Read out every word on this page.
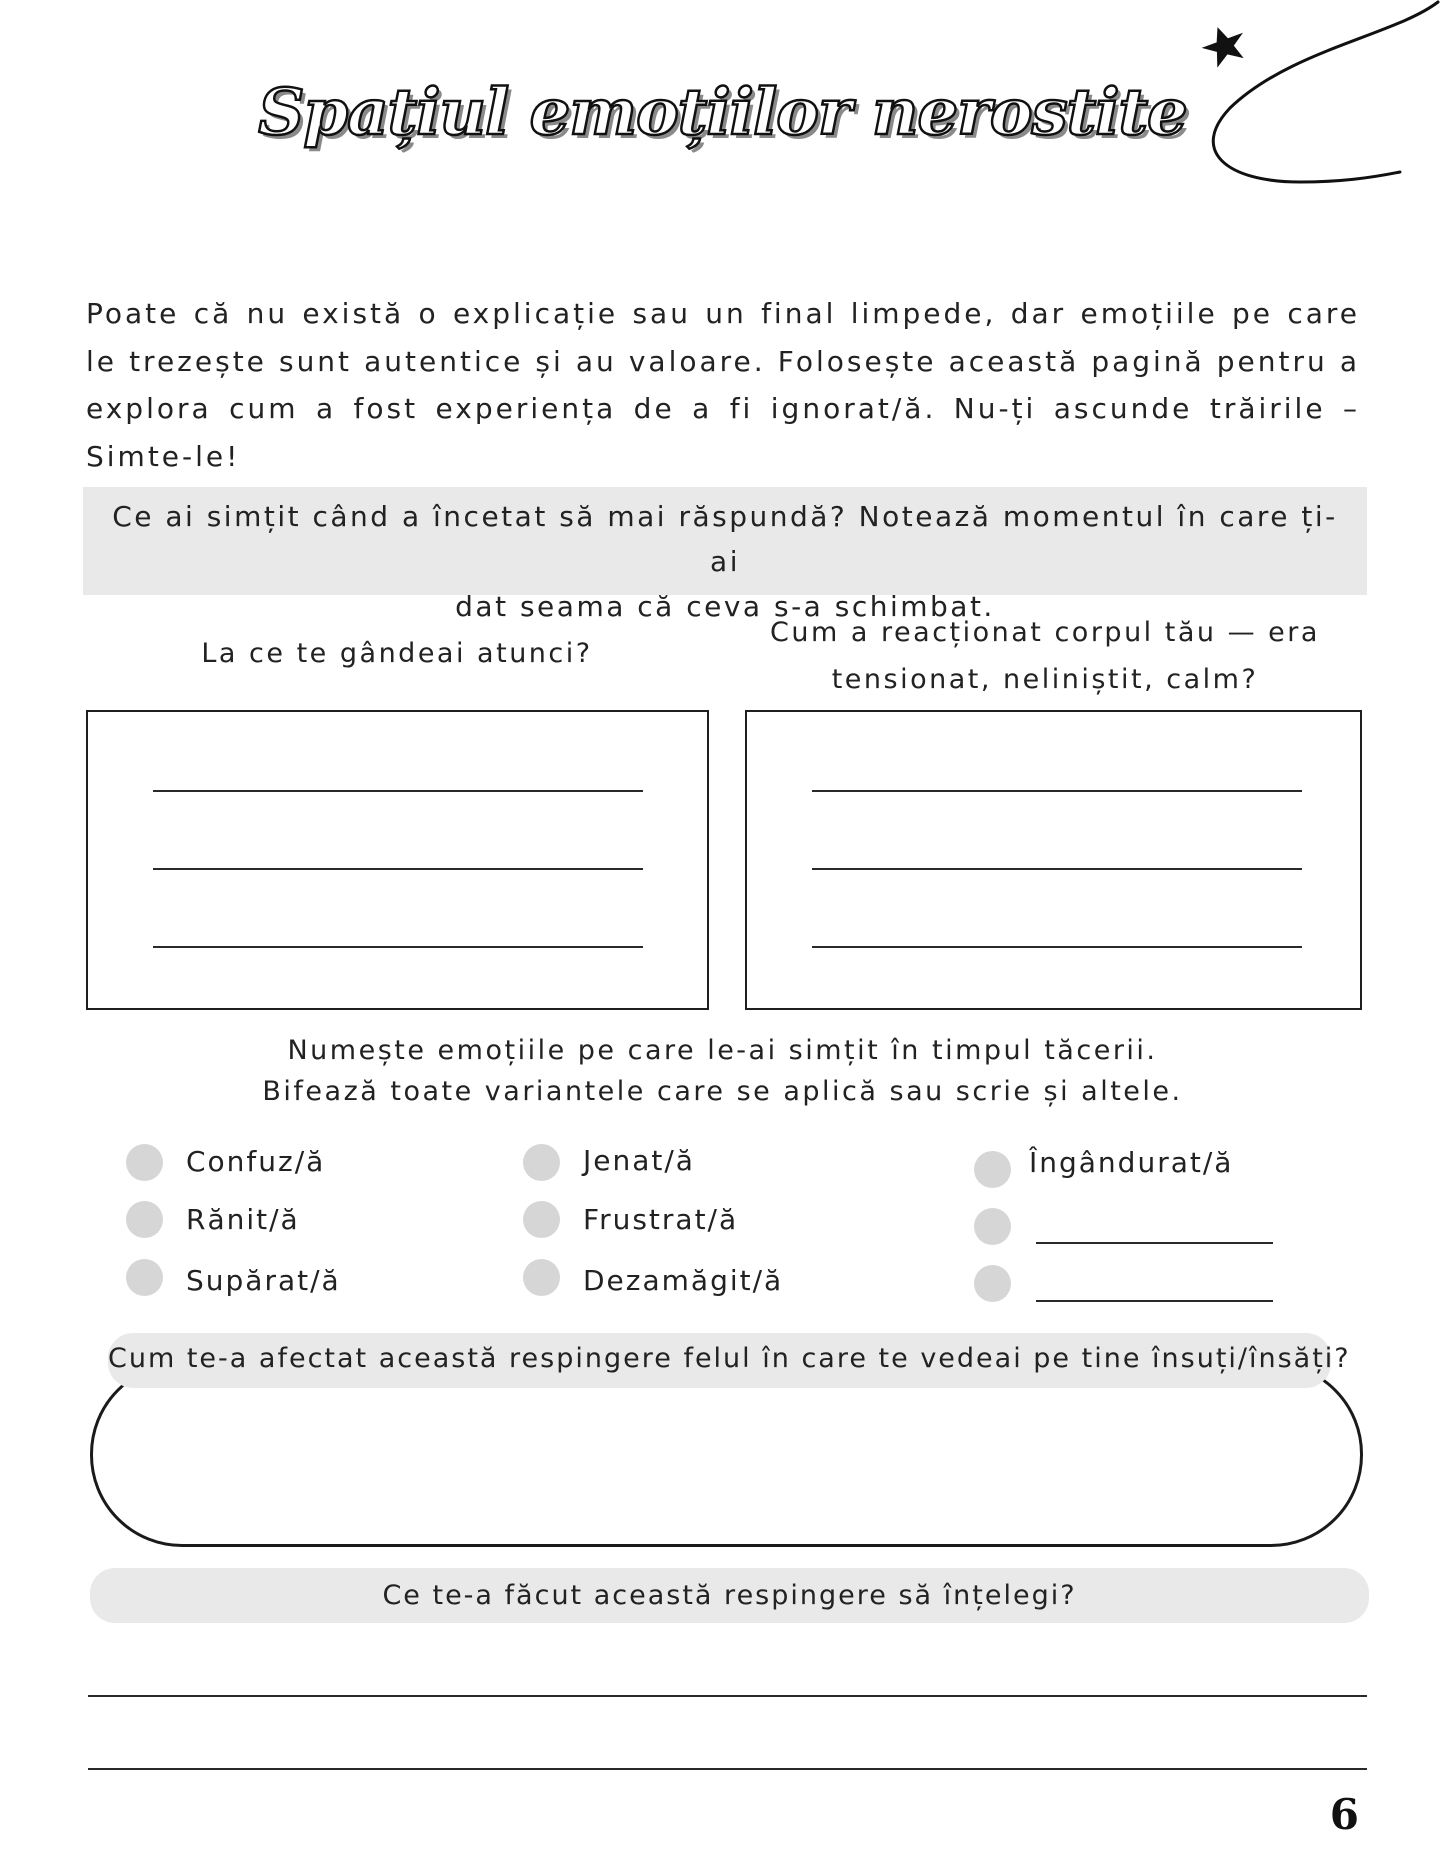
Spațiul emoțiilor nerostite
Poate că nu există o explicație sau un final limpede, dar emoțiile pe care le trezește sunt autentice și au valoare. Folosește această pagină pentru a explora cum a fost experiența de a fi ignorat/ă. Nu-ți ascunde trăirile – Simte-le!
Ce ai simțit când a încetat să mai răspundă? Notează momentul în care ți-ai
dat seama că ceva s-a schimbat.
La ce te gândeai atunci?
Cum a reacționat corpul tău — era
tensionat, neliniștit, calm?
Numește emoțiile pe care le-ai simțit în timpul tăcerii.
Bifează toate variantele care se aplică sau scrie și altele.
Confuz/ă
Rănit/ă
Supărat/ă
Jenat/ă
Frustrat/ă
Dezamăgit/ă
Îngândurat/ă
Cum te-a afectat această respingere felul în care te vedeai pe tine însuți/însăți?
Ce te-a făcut această respingere să înțelegi?
6
